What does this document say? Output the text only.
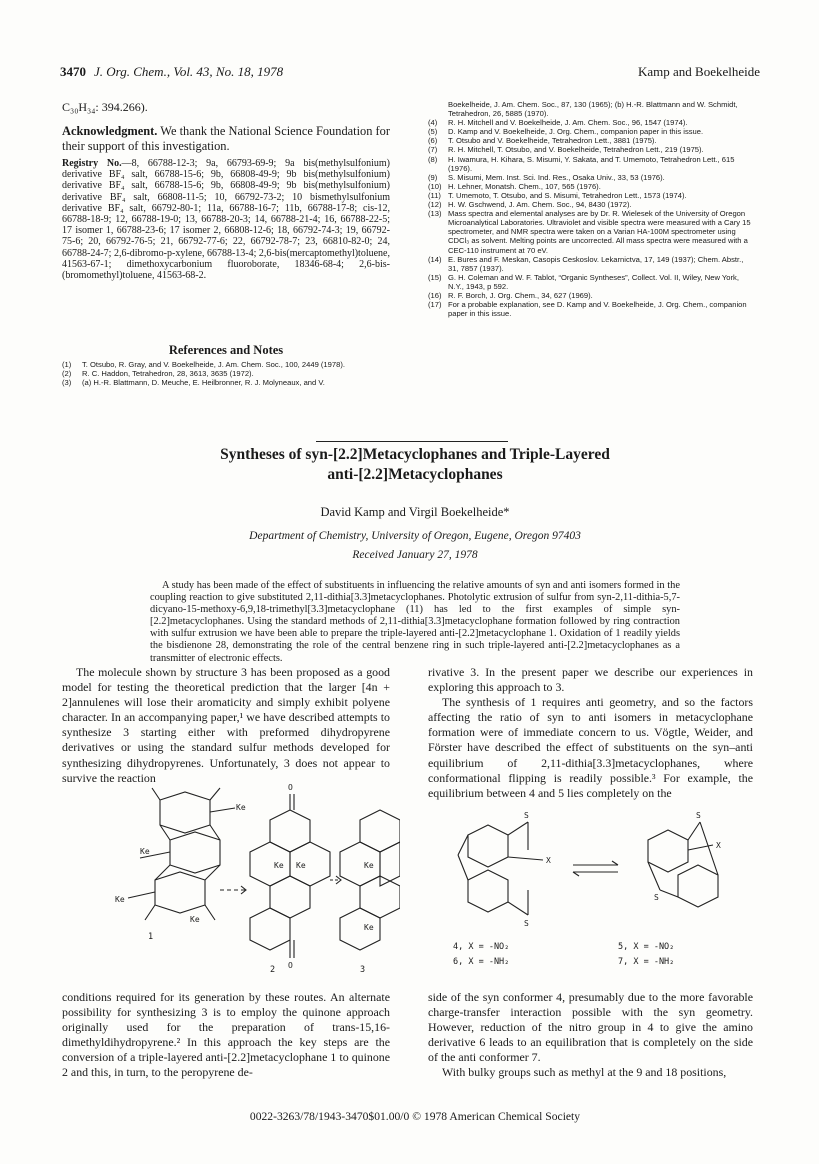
3470 J. Org. Chem., Vol. 43, No. 18, 1978	Kamp and Boekelheide
C₃₀H₃₄: 394.266).
Acknowledgment. We thank the National Science Foundation for their support of this investigation.
Registry No.—8, 66788-12-3; 9a, 66793-69-9; 9a bis(methylsulfonium) derivative BF₄ salt, 66788-15-6; 9b, 66808-49-9; 9b bis(methylsulfonium) derivative BF₄ salt, 66788-15-6; 9b, 66808-49-9; 9b bis(methylsulfonium) derivative BF₄ salt, 66808-11-5; 10, 66792-73-2; 10 bismethylsulfonium derivative BF₄ salt, 66792-80-1; 11a, 66788-16-7; 11b, 66788-17-8; cis-12, 66788-18-9; 12, 66788-19-0; 13, 66788-20-3; 14, 66788-21-4; 16, 66788-22-5; 17 isomer 1, 66788-23-6; 17 isomer 2, 66808-12-6; 18, 66792-74-3; 19, 66792-75-6; 20, 66792-76-5; 21, 66792-77-6; 22, 66792-78-7; 23, 66810-82-0; 24, 66788-24-7; 2,6-dibromo-p-xylene, 66788-13-4; 2,6-bis(mercaptomethyl)toluene, 41563-67-1; dimethoxycarbonium fluoroborate, 18346-68-4; 2,6-bis-(bromomethyl)toluene, 41563-68-2.
References and Notes
(1)	T. Otsubo, R. Gray, and V. Boekelheide, J. Am. Chem. Soc., 100, 2449 (1978).
(2)	R. C. Haddon, Tetrahedron, 28, 3613, 3635 (1972).
(3)	(a) H.-R. Blattmann, D. Meuche, E. Heilbronner, R. J. Molyneaux, and V.
Boekelheide, J. Am. Chem. Soc., 87, 130 (1965); (b) H.-R. Blattmann and W. Schmidt, Tetrahedron, 26, 5885 (1970).
(4)	R. H. Mitchell and V. Boekelheide, J. Am. Chem. Soc., 96, 1547 (1974).
(5)	D. Kamp and V. Boekelheide, J. Org. Chem., companion paper in this issue.
(6)	T. Otsubo and V. Boekelheide, Tetrahedron Lett., 3881 (1975).
(7)	R. H. Mitchell, T. Otsubo, and V. Boekelheide, Tetrahedron Lett., 219 (1975).
(8)	H. Iwamura, H. Kihara, S. Misumi, Y. Sakata, and T. Umemoto, Tetrahedron Lett., 615 (1976).
(9)	S. Misumi, Mem. Inst. Sci. Ind. Res., Osaka Univ., 33, 53 (1976).
(10) H. Lehner, Monatsh. Chem., 107, 565 (1976).
(11) T. Umemoto, T. Otsubo, and S. Misumi, Tetrahedron Lett., 1573 (1974).
(12) H. W. Gschwend, J. Am. Chem. Soc., 94, 8430 (1972).
(13) Mass spectra and elemental analyses are by Dr. R. Wielesek of the University of Oregon Microanalytical Laboratories. Ultraviolet and visible spectra were measured with a Cary 15 spectrometer, and NMR spectra were taken on a Varian HA-100M spectrometer using CDCl₃ as solvent. Melting points are uncorrected. All mass spectra were measured with a CEC-110 instrument at 70 eV.
(14) E. Bures and F. Meskan, Casopis Ceskoslov. Lekarnictva, 17, 149 (1937); Chem. Abstr., 31, 7857 (1937).
(15) G. H. Coleman and W. F. Tablot, “Organic Syntheses”, Collect. Vol. II, Wiley, New York, N.Y., 1943, p 592.
(16) R. F. Borch, J. Org. Chem., 34, 627 (1969).
(17) For a probable explanation, see D. Kamp and V. Boekelheide, J. Org. Chem., companion paper in this issue.
Syntheses of syn-[2.2]Metacyclophanes and Triple-Layered
anti-[2.2]Metacyclophanes
David Kamp and Virgil Boekelheide*
Department of Chemistry, University of Oregon, Eugene, Oregon 97403
Received January 27, 1978
A study has been made of the effect of substituents in influencing the relative amounts of syn and anti isomers formed in the coupling reaction to give substituted 2,11-dithia[3.3]metacyclophanes. Photolytic extrusion of sulfur from syn-2,11-dithia-5,7-dicyano-15-methoxy-6,9,18-trimethyl[3.3]metacyclophane (11) has led to the first examples of simple syn-[2.2]metacyclophanes. Using the standard methods of 2,11-dithia[3.3]metacyclophane formation followed by ring contraction with sulfur extrusion we have been able to prepare the triple-layered anti-[2.2]metacyclophane 1. Oxidation of 1 readily yields the bisdienone 28, demonstrating the role of the central benzene ring in such triple-layered anti-[2.2]metacyclophanes as a transmitter of electronic effects.

The molecule shown by structure 3 has been proposed as a good model for testing the theoretical prediction that the larger [4n + 2]annulenes will lose their aromaticity and simply exhibit polyene character. In an accompanying paper,¹ we have described attempts to synthesize 3 starting either with preformed dihydropyrene derivatives or using the standard sulfur methods developed for synthesizing dihydropyrenes. Unfortunately, 3 does not appear to survive the reaction

rivative 3. In the present paper we describe our experiences in exploring this approach to 3.

The synthesis of 1 requires anti geometry, and so the factors affecting the ratio of syn to anti isomers in metacyclophane formation were of immediate concern to us. Vögtle, Weider, and Förster have described the effect of substituents on the syn–anti equilibrium of 2,11-dithia[3.3]metacyclophanes, where conformational flipping is readily possible.³ For example, the equilibrium between 4 and 5 lies completely on the

Ke
Ke
Ke
Ke
O
O
Ke Ke	Ke
Ke
1
2	3
S
S
X
S
S
X
4, X = -NO₂
6, X = -NH₂
5, X = -NO₂
7, X = -NH₂

conditions required for its generation by these routes. An alternate possibility for synthesizing 3 is to employ the quinone approach originally used for the preparation of trans-15,16-dimethyldihydropyrene.² In this approach the key steps are the conversion of a triple-layered anti-[2.2]metacyclophane 1 to quinone 2 and this, in turn, to the peropyrene de-

side of the syn conformer 4, presumably due to the more favorable charge-transfer interaction possible with the syn geometry. However, reduction of the nitro group in 4 to give the amino derivative 6 leads to an equilibration that is completely on the side of the anti conformer 7.

With bulky groups such as methyl at the 9 and 18 positions,

0022-3263/78/1943-3470$01.00/0 © 1978 American Chemical Society
